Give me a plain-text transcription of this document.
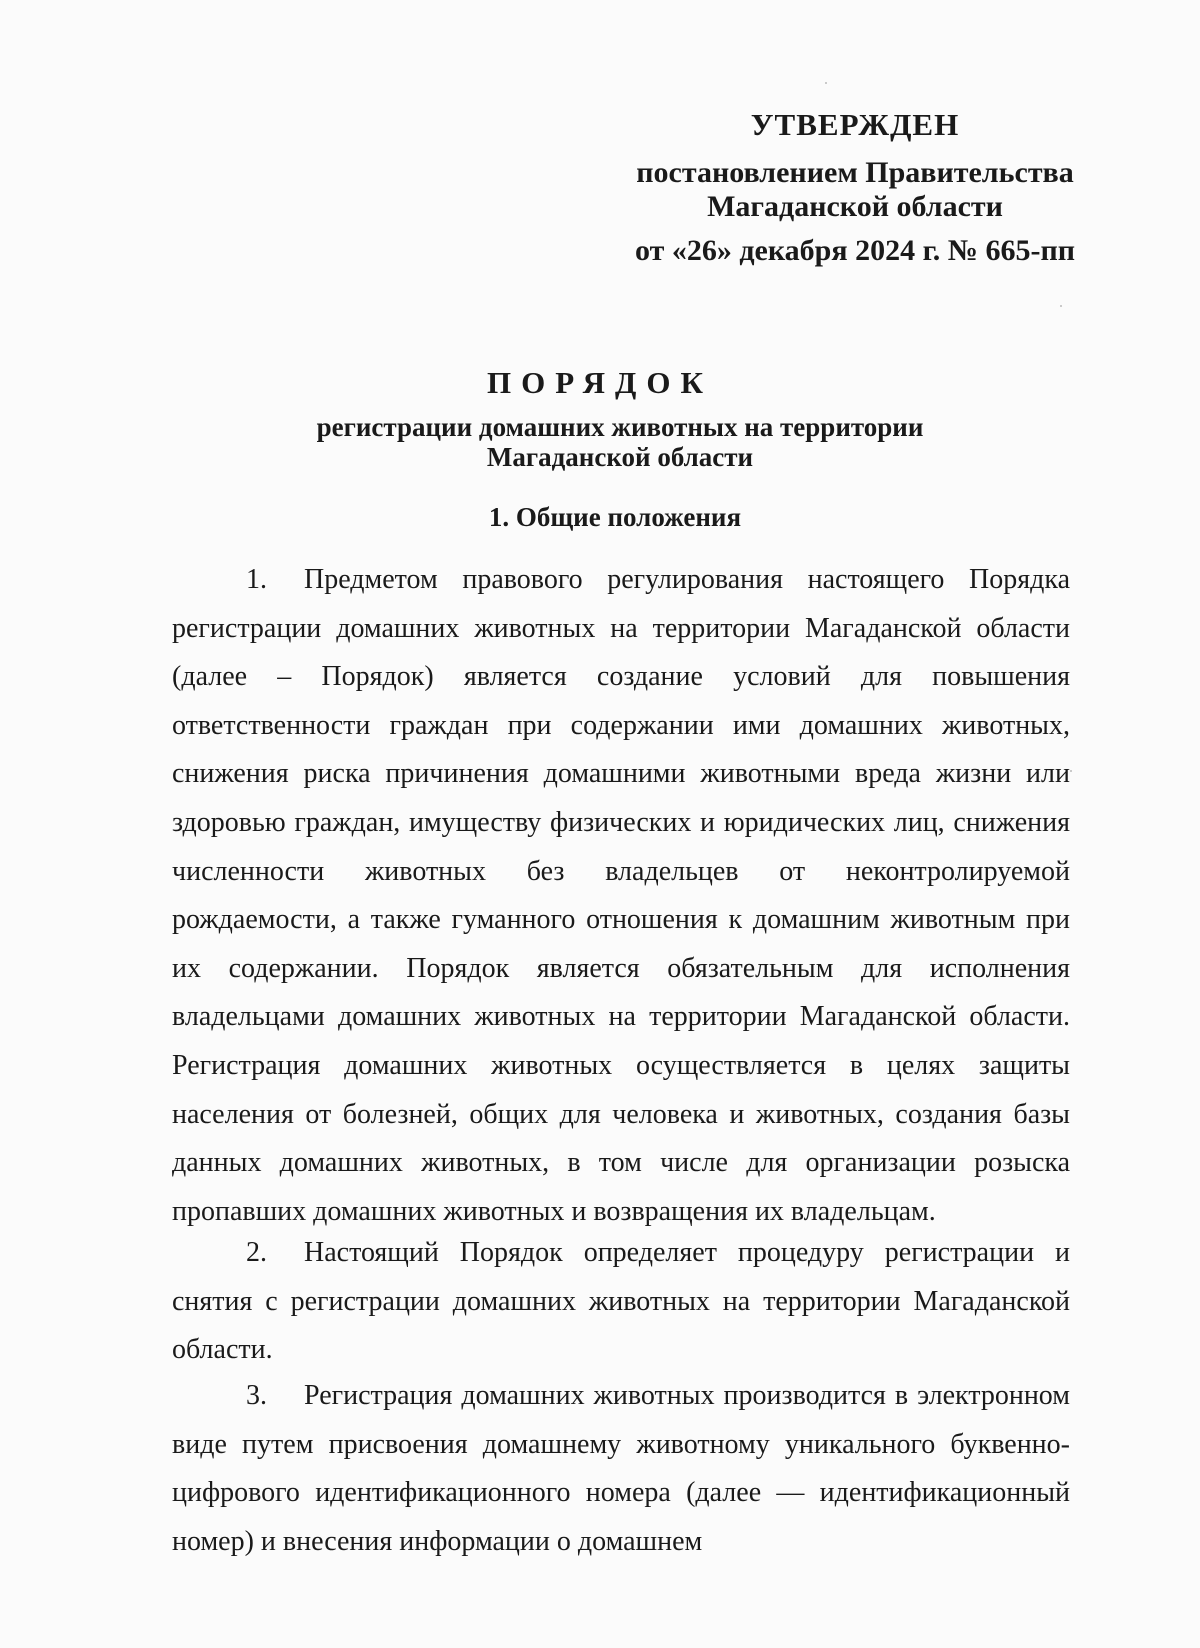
УТВЕРЖДЕН
постановлением Правительства
Магаданской области
от «26» декабря 2024 г. № 665-пп
ПОРЯДОК
регистрации домашних животных на территории
Магаданской области
1. Общие положения
1. Предметом правового регулирования настоящего Порядка регистрации домашних животных на территории Магаданской области (далее – Порядок) является создание условий для повышения ответственности граждан при содержании ими домашних животных, снижения риска причинения домашними животными вреда жизни или здоровью граждан, имуществу физических и юридических лиц, снижения численности животных без владельцев от неконтролируемой рождаемости, а также гуманного отношения к домашним животным при их содержании. Порядок является обязательным для исполнения владельцами домашних животных на территории Магаданской области. Регистрация домашних животных осуществляется в целях защиты населения от болезней, общих для человека и животных, создания базы данных домашних животных, в том числе для организации розыска пропавших домашних животных и возвращения их владельцам.
2. Настоящий Порядок определяет процедуру регистрации и снятия с регистрации домашних животных на территории Магаданской области.
3. Регистрация домашних животных производится в электронном виде путем присвоения домашнему животному уникального буквенно-цифрового идентификационного номера (далее — идентификационный номер) и внесения информации о домашнем
